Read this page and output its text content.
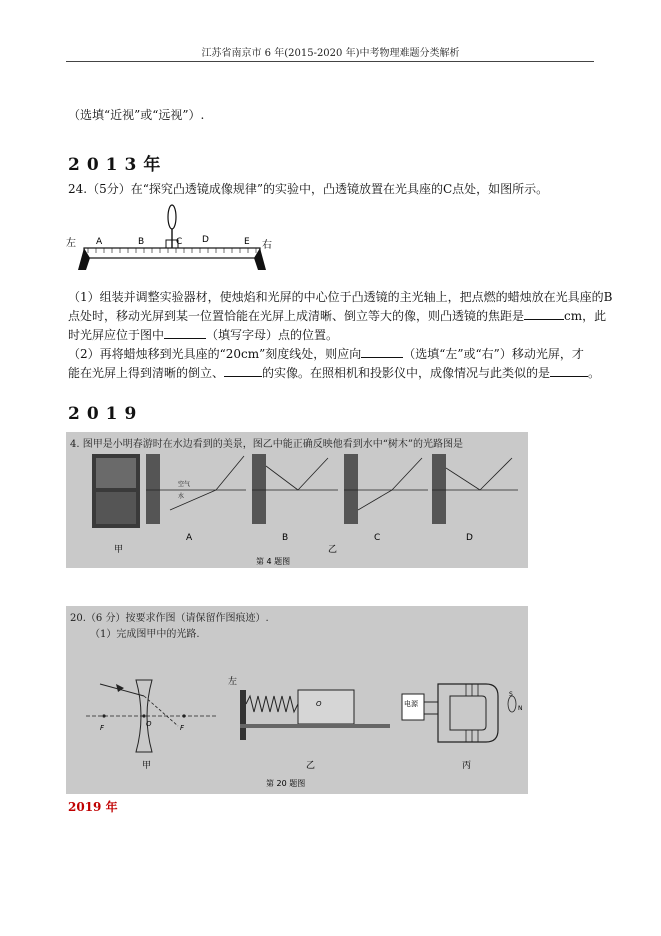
江苏省南京市 6 年(2015-2020 年)中考物理难题分类解析
（选填“近视”或“远视”）.
2013年
24.（5分）在“探究凸透镜成像规律”的实验中，凸透镜放置在光具座的C点处，如图所示。
A	B	C D	E
左	右
（1）组装并调整实验器材，使烛焰和光屏的中心位于凸透镜的主光轴上，把点燃的蜡烛放在光具座的B
点处时，移动光屏到某一位置恰能在光屏上成清晰、倒立等大的像，则凸透镜的焦距是	cm，此
时光屏应位于图中	（填写字母）点的位置。
（2）再将蜡烛移到光具座的“20cm”刻度线处，则应向	（选填“左”或“右”）移动光屏，才
能在光屏上得到清晰的倒立、	的实像。在照相机和投影仪中，成像情况与此类似的是	。
2019
4. 图甲是小明春游时在水边看到的美景，图乙中能正确反映他看到水中“树木”的光路图是
空气
水
A	B	C	D
甲	乙
第 4 题图
20.（6 分）按要求作图（请保留作图痕迹）.
（1）完成图甲中的光路.
F	O	F
左
O	电源
S
N
甲	乙	丙
第 20 题图
2019 年
